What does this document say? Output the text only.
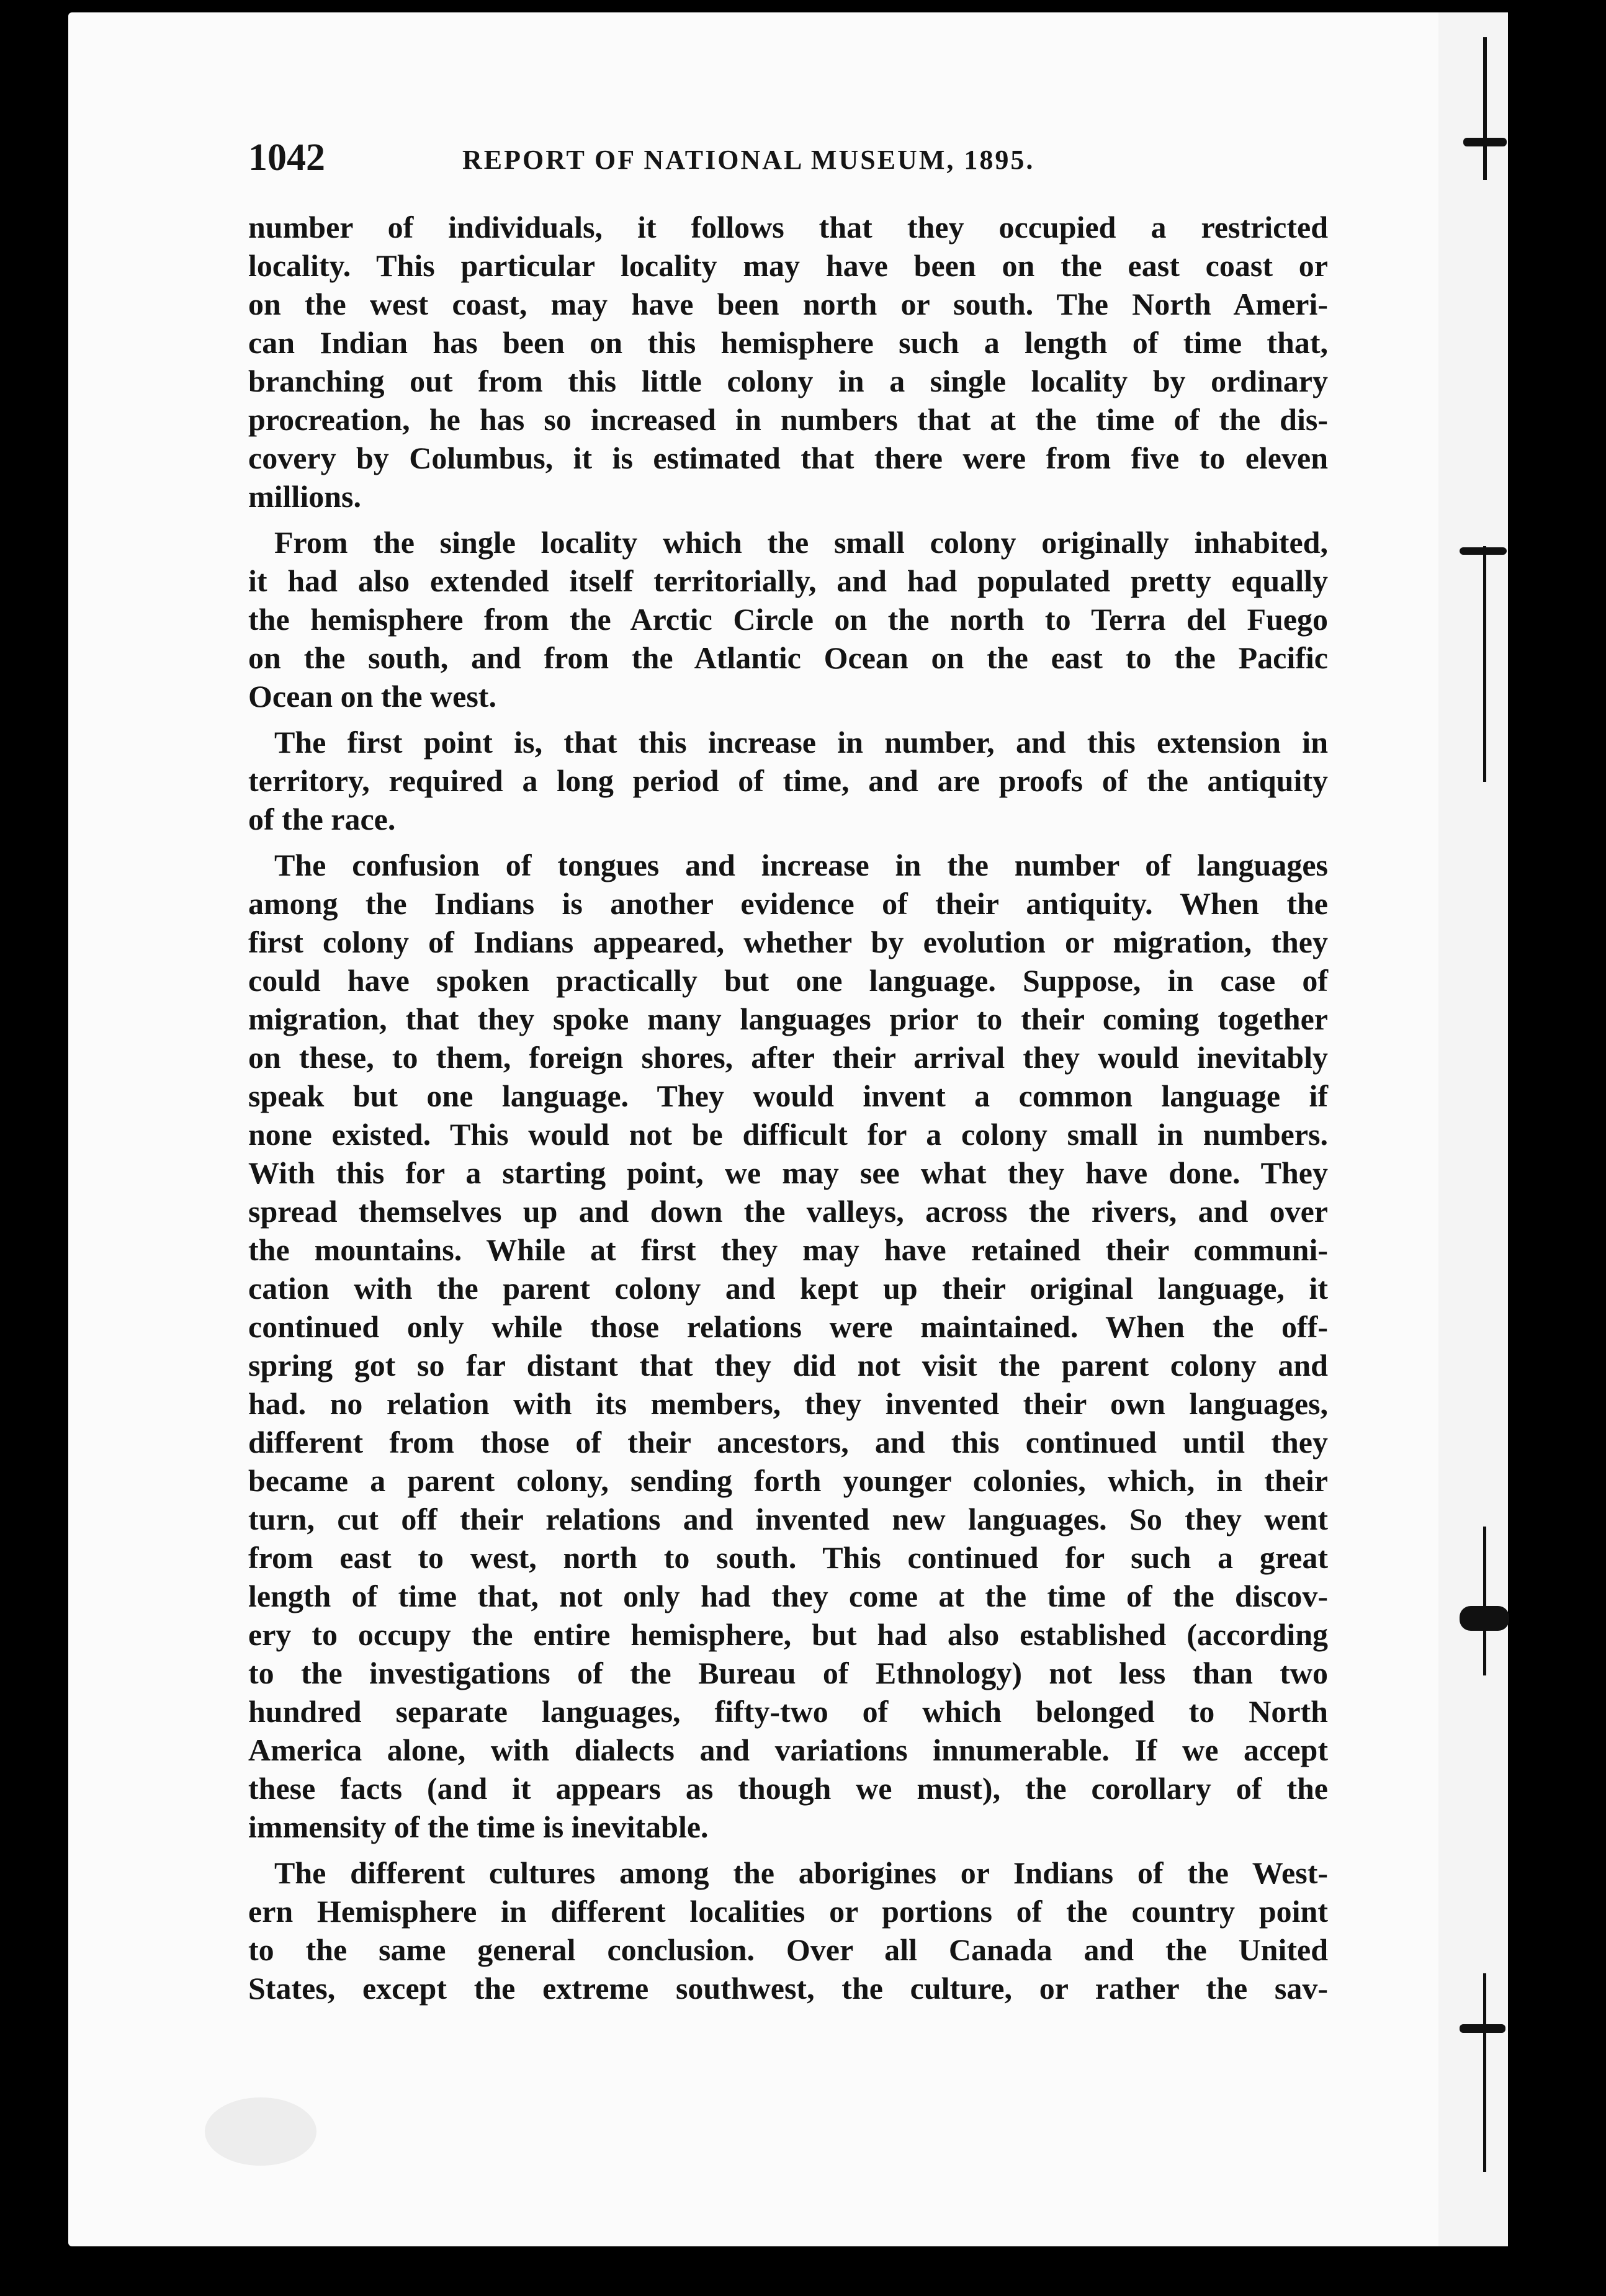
1042	REPORT OF NATIONAL MUSEUM, 1895.
number of individuals, it follows that they occupied a restricted
locality. This particular locality may have been on the east coast or
on the west coast, may have been north or south. The North Ameri-
can Indian has been on this hemisphere such a length of time that,
branching out from this little colony in a single locality by ordinary
procreation, he has so increased in numbers that at the time of the dis-
covery by Columbus, it is estimated that there were from five to eleven
millions.
From the single locality which the small colony originally inhabited,
it had also extended itself territorially, and had populated pretty equally
the hemisphere from the Arctic Circle on the north to Terra del Fuego
on the south, and from the Atlantic Ocean on the east to the Pacific
Ocean on the west.
The first point is, that this increase in number, and this extension in
territory, required a long period of time, and are proofs of the antiquity
of the race.
The confusion of tongues and increase in the number of languages
among the Indians is another evidence of their antiquity. When the
first colony of Indians appeared, whether by evolution or migration, they
could have spoken practically but one language. Suppose, in case of
migration, that they spoke many languages prior to their coming together
on these, to them, foreign shores, after their arrival they would inevitably
speak but one language. They would invent a common language if
none existed. This would not be difficult for a colony small in numbers.
With this for a starting point, we may see what they have done. They
spread themselves up and down the valleys, across the rivers, and over
the mountains. While at first they may have retained their communi-
cation with the parent colony and kept up their original language, it
continued only while those relations were maintained. When the off-
spring got so far distant that they did not visit the parent colony and
had. no relation with its members, they invented their own languages,
different from those of their ancestors, and this continued until they
became a parent colony, sending forth younger colonies, which, in their
turn, cut off their relations and invented new languages. So they went
from east to west, north to south. This continued for such a great
length of time that, not only had they come at the time of the discov-
ery to occupy the entire hemisphere, but had also established (according
to the investigations of the Bureau of Ethnology) not less than two
hundred separate languages, fifty-two of which belonged to North
America alone, with dialects and variations innumerable. If we accept
these facts (and it appears as though we must), the corollary of the
immensity of the time is inevitable.
The different cultures among the aborigines or Indians of the West-
ern Hemisphere in different localities or portions of the country point
to the same general conclusion. Over all Canada and the United
States, except the extreme southwest, the culture, or rather the sav-
